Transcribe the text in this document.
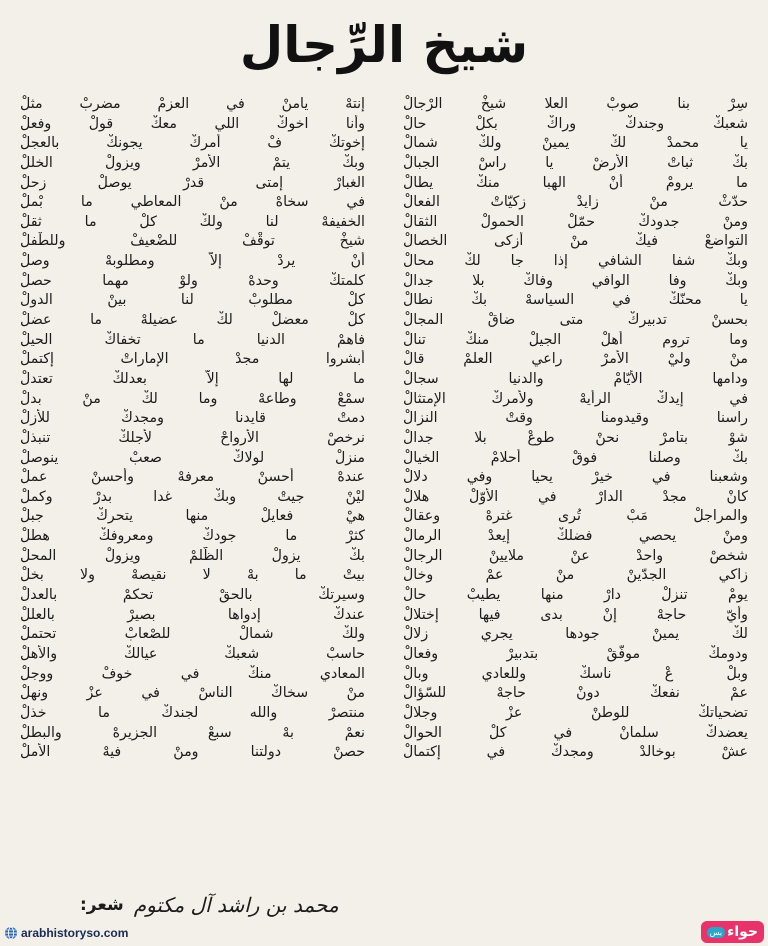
شيخ الرِّجال
سِرْ بنا صوبْ العلا شيخْ الرْجالْ
شعبكْ وجندكْ وراكْ بكلْ حالْ
يا محمدْ لكْ يمينْ ولكْ شمالْ
بكْ ثباتْ الأرضْ يا راسْ الجبالْ
ما يرومْ أنْ الهبا منكْ يطالْ
حدّثْ منْ زايدْ زكيّاتْ الفعالْ
ومنْ جدودكْ حمّلْ الحمولْ الثقالْ
التواضعْ فيكْ منْ أزكى الخصالْ
وبكْ شفا الشافي إذا جا لكْ محالْ
وبكْ وفا الوافي وفاكْ بلا جدالْ
يا محنّكْ في السياسهْ بكْ نطالْ
بحسنْ تدبيركْ متى ضاقْ المجالْ
وما تروم أهلْ الجيلْ منكْ تنالْ
منْ وليْ الأمرْ راعي العلمْ قالْ
ودامها الأيّامْ والدنيا سجالْ
في إيدكْ الرأيهْ ولأمركْ الإمتثالْ
راسنا وقيدومنا وقتْ النزالْ
شوْ بتامرْ نحنْ طوعْ بلا جدالْ
بكْ وصلنا فوقْ أحلامْ الخيالْ
وشعبنا في خيرْ يحيا وفي دلالْ
كانْ مجدْ الدارْ في الأوّلْ هلالْ
والمراجلْ مَبْ تُرى غترهْ وعقالْ
ومنْ يحصي فضلكْ إيعدْ الرمالْ
شخصْ واحدْ عنْ ملايينْ الرجالْ
زاكي الجدّينْ منْ عمْ وخالْ
يومْ تنزلْ دارْ منها يطيبْ حالْ
وأيّ حاجهْ إنْ بدى فيها إختلالْ
لكْ يمينْ جودها يجري زلالْ
ودومكْ موفّقْ بتدبيرْ وفعالْ
وبلْ عْ ناسكْ وللعادي وبالْ
عمْ نفعكْ دونْ حاجهْ للسّؤالْ
تضحياتكْ للوطنْ عزْ وجلالْ
يعضدكْ سلمانْ في كلْ الحوالْ
عشْ بوخالدْ ومجدكْ في إكتمالْ
إنتهْ يامنْ في العزمْ مضربْ مثلْ
وأنا اخوكْ اللي معكْ قولْ وفعلْ
إخوتكْ فْ أمركْ يجونكْ بالعجلْ
وبكْ يتمْ الأمرْ ويزولْ الخللْ
الغبارْ إمتى قدرْ يوصلْ زحلْ
في سخاهْ منْ المعاطي ما بْملْ
الخفيفهْ لنا ولكْ كلْ ما ثقلْ
شيخْ توقْفْ للضْعيفْ وللطْفلْ
أنْ يردْ إلاّ ومطلوبهْ وصلْ
كلمتكْ وحدهْ ولوْ مهما حصلْ
كلْ مطلوبْ لنا بينْ الدولْ
كلْ معضلْ لكْ عضيلهْ ما عضلْ
فاهمْ الدنيا ما تخفاكْ الحيلْ
أبشروا مجدْ الإماراتْ إكتملْ
ما لها إلاّ بعدلكْ تعتدلْ
سمْعْ وطاعهْ وما لكْ منْ بدلْ
دمتْ قايدنا ومجدكْ للأزلْ
نرخصْ الأرواحْ لأجلكْ تنبذلْ
منزلْ لولاكْ صعبْ ينوصلْ
عندهْ أحسنْ معرفهْ وأحسنْ عملْ
ليْنْ جيتْ وبكْ غدا بدرْ وكملْ
هيْ فعايلْ منها يتحركْ جبلْ
كثرْ ما جودكْ ومعروفكْ هطلْ
بكْ يزولْ الظّلمْ ويزولْ المحلْ
بيتْ ما بهْ لا نقيصهْ ولا بخلْ
وسيرتكْ بالحقْ تحكمْ بالعدلْ
عندكْ إدواها بصيرْ بالعللْ
ولكْ شمالْ للصْعابْ تحتملْ
حاسبْ شعبكْ عيالكْ والأهلْ
المعادي منكْ في خوفْ ووجلْ
منْ سخاكْ الناسْ في عزْ ونهلْ
منتصرْ والله لجندكْ ما خذلْ
نعمْ بهْ سبعْ الجزيرهْ والبطلْ
حصنْ دولتنا ومنْ فيهْ الأملْ
شعر: محمد بن راشد آل مكتوم
arabhistoryso.com	بس حواء
